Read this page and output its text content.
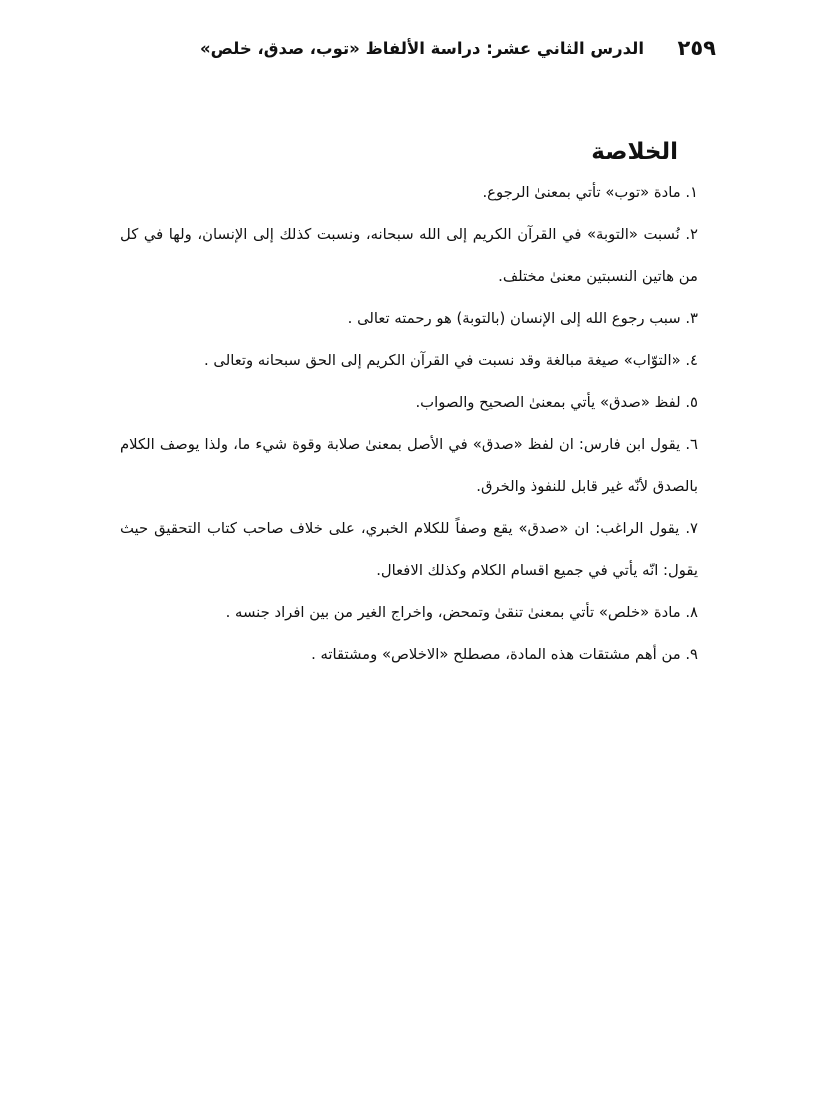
٢٥٩
الدرس الثاني عشر: دراسة الألفاظ «توب، صدق، خلص»
الخلاصة
١. مادة «توب» تأتي بمعنىٰ الرجوع.
٢. نُسبت «التوبة» في القرآن الكريم إلى الله سبحانه، ونسبت كذلك إلى الإنسان، ولها في كل من هاتين النسبتين معنىٰ مختلف.
٣. سبب رجوع الله إلى الإنسان (بالتوبة) هو رحمته تعالى .
٤. «التوّاب» صيغة مبالغة وقد نسبت في القرآن الكريم إلى الحق سبحانه وتعالى .
٥. لفظ «صدق» يأتي بمعنىٰ الصحيح والصواب.
٦. يقول ابن فارس: ان لفظ «صدق» في الأصل بمعنىٰ صلابة وقوة شيء ما، ولذا يوصف الكلام بالصدق لأنّه غير قابل للنفوذ والخرق.
٧. يقول الراغب: ان «صدق» يقع وصفاً للكلام الخبري، على خلاف صاحب كتاب التحقيق حيث يقول: انّه يأتي في جميع اقسام الكلام وكذلك الافعال.
٨. مادة «خلص» تأتي بمعنىٰ تنقىٰ وتمحض، واخراج الغير من بين افراد جنسه .
٩. من أهم مشتقات هذه المادة، مصطلح «الاخلاص» ومشتقاته .
